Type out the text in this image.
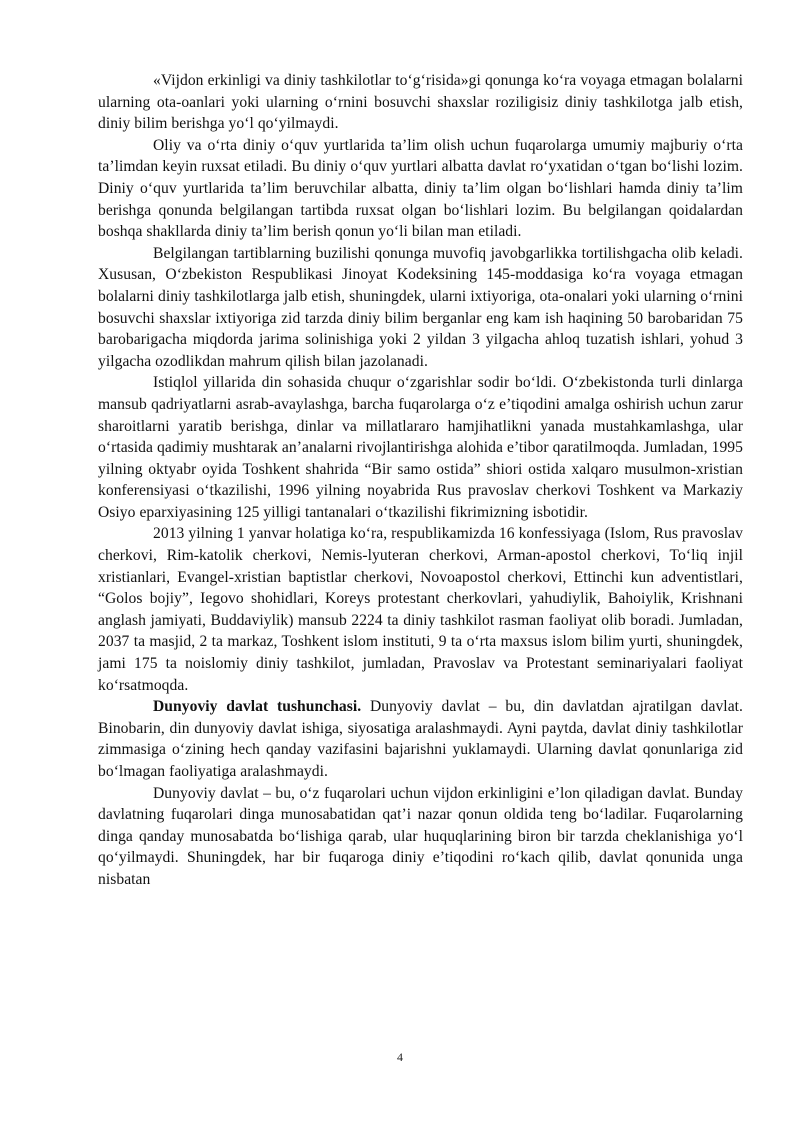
«Vijdon erkinligi va diniy tashkilotlar to‘g‘risida»gi qonunga ko‘ra voyaga etmagan bolalarni ularning ota-oanlari yoki ularning o‘rnini bosuvchi shaxslar roziligisiz diniy tashkilotga jalb etish, diniy bilim berishga yo‘l qo‘yilmaydi.

Oliy va o‘rta diniy o‘quv yurtlarida ta’lim olish uchun fuqarolarga umumiy majburiy o‘rta ta’limdan keyin ruxsat etiladi. Bu diniy o‘quv yurtlari albatta davlat ro‘yxatidan o‘tgan bo‘lishi lozim. Diniy o‘quv yurtlarida ta’lim beruvchilar albatta, diniy ta’lim olgan bo‘lishlari hamda diniy ta’lim berishga qonunda belgilangan tartibda ruxsat olgan bo‘lishlari lozim. Bu belgilangan qoidalardan boshqa shakllarda diniy ta’lim berish qonun yo‘li bilan man etiladi.

Belgilangan tartiblarning buzilishi qonunga muvofiq javobgarlikka tortilishgacha olib keladi. Xususan, O‘zbekiston Respublikasi Jinoyat Kodeksining 145-moddasiga ko‘ra voyaga etmagan bolalarni diniy tashkilotlarga jalb etish, shuningdek, ularni ixtiyoriga, ota-onalari yoki ularning o‘rnini bosuvchi shaxslar ixtiyoriga zid tarzda diniy bilim berganlar eng kam ish haqining 50 barobaridan 75 barobarigacha miqdorda jarima solinishiga yoki 2 yildan 3 yilgacha ahloq tuzatish ishlari, yohud 3 yilgacha ozodlikdan mahrum qilish bilan jazolanadi.

Istiqlol yillarida din sohasida chuqur o‘zgarishlar sodir bo‘ldi. O‘zbekistonda turli dinlarga mansub qadriyatlarni asrab-avaylashga, barcha fuqarolarga o‘z e’tiqodini amalga oshirish uchun zarur sharoitlarni yaratib berishga, dinlar va millatlararo hamjihatlikni yanada mustahkamlashga, ular o‘rtasida qadimiy mushtarak an’analarni rivojlantirishga alohida e’tibor qaratilmoqda. Jumladan, 1995 yilning oktyabr oyida Toshkent shahrida “Bir samo ostida” shiori ostida xalqaro musulmon-xristian konferensiyasi o‘tkazilishi, 1996 yilning noyabrida Rus pravoslav cherkovi Toshkent va Markaziy Osiyo eparxiyasining 125 yilligi tantanalari o‘tkazilishi fikrimizning isbotidir.

2013 yilning 1 yanvar holatiga ko‘ra, respublikamizda 16 konfessiyaga (Islom, Rus pravoslav cherkovi, Rim-katolik cherkovi, Nemis-lyuteran cherkovi, Arman-apostol cherkovi, To‘liq injil xristianlari, Evangel-xristian baptistlar cherkovi, Novoapostol cherkovi, Ettinchi kun adventistlari, “Golos bojiy”, Iegovo shohidlari, Koreys protestant cherkovlari, yahudiylik, Bahoiylik, Krishnani anglash jamiyati, Buddaviylik) mansub 2224 ta diniy tashkilot rasman faoliyat olib boradi. Jumladan, 2037 ta masjid, 2 ta markaz, Toshkent islom instituti, 9 ta o‘rta maxsus islom bilim yurti, shuningdek, jami 175 ta noislomiy diniy tashkilot, jumladan, Pravoslav va Protestant seminariyalari faoliyat ko‘rsatmoqda.

Dunyoviy davlat tushunchasi. Dunyoviy davlat – bu, din davlatdan ajratilgan davlat. Binobarin, din dunyoviy davlat ishiga, siyosatiga aralashmaydi. Ayni paytda, davlat diniy tashkilotlar zimmasiga o‘zining hech qanday vazifasini bajarishni yuklamaydi. Ularning davlat qonunlariga zid bo‘lmagan faoliyatiga aralashmaydi.

Dunyoviy davlat – bu, o‘z fuqarolari uchun vijdon erkinligini e’lon qiladigan davlat. Bunday davlatning fuqarolari dinga munosabatidan qat’i nazar qonun oldida teng bo‘ladilar. Fuqarolarning dinga qanday munosabatda bo‘lishiga qarab, ular huquqlarining biron bir tarzda cheklanishiga yo‘l qo‘yilmaydi. Shuningdek, har bir fuqaroga diniy e’tiqodini ro‘kach qilib, davlat qonunida unga nisbatan

4
